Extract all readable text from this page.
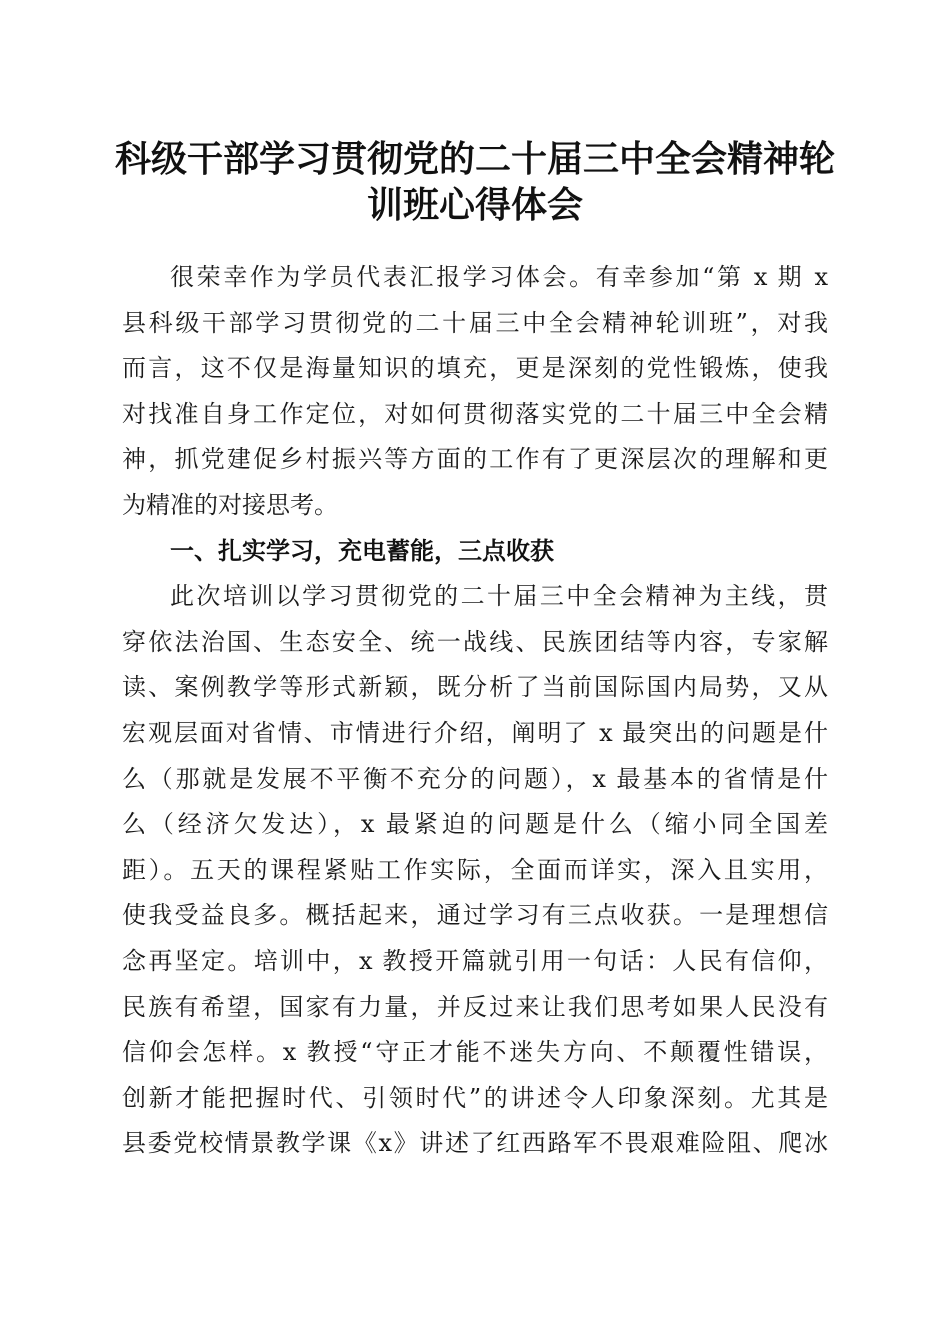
科级干部学习贯彻党的二十届三中全会精神轮
训班心得体会
很荣幸作为学员代表汇报学习体会。有幸参加“第 x 期 x
县科级干部学习贯彻党的二十届三中全会精神轮训班”，对我
而言，这不仅是海量知识的填充，更是深刻的党性锻炼，使我
对找准自身工作定位，对如何贯彻落实党的二十届三中全会精
神，抓党建促乡村振兴等方面的工作有了更深层次的理解和更
为精准的对接思考。
一、扎实学习，充电蓄能，三点收获
此次培训以学习贯彻党的二十届三中全会精神为主线，贯
穿依法治国、生态安全、统一战线、民族团结等内容，专家解
读、案例教学等形式新颖，既分析了当前国际国内局势，又从
宏观层面对省情、市情进行介绍，阐明了 x 最突出的问题是什
么（那就是发展不平衡不充分的问题），x 最基本的省情是什
么（经济欠发达），x 最紧迫的问题是什么（缩小同全国差
距）。五天的课程紧贴工作实际，全面而详实，深入且实用，
使我受益良多。概括起来，通过学习有三点收获。一是理想信
念再坚定。培训中，x 教授开篇就引用一句话：人民有信仰，
民族有希望，国家有力量，并反过来让我们思考如果人民没有
信仰会怎样。x 教授“守正才能不迷失方向、不颠覆性错误，
创新才能把握时代、引领时代”的讲述令人印象深刻。尤其是
县委党校情景教学课《x》讲述了红西路军不畏艰难险阻、爬冰
